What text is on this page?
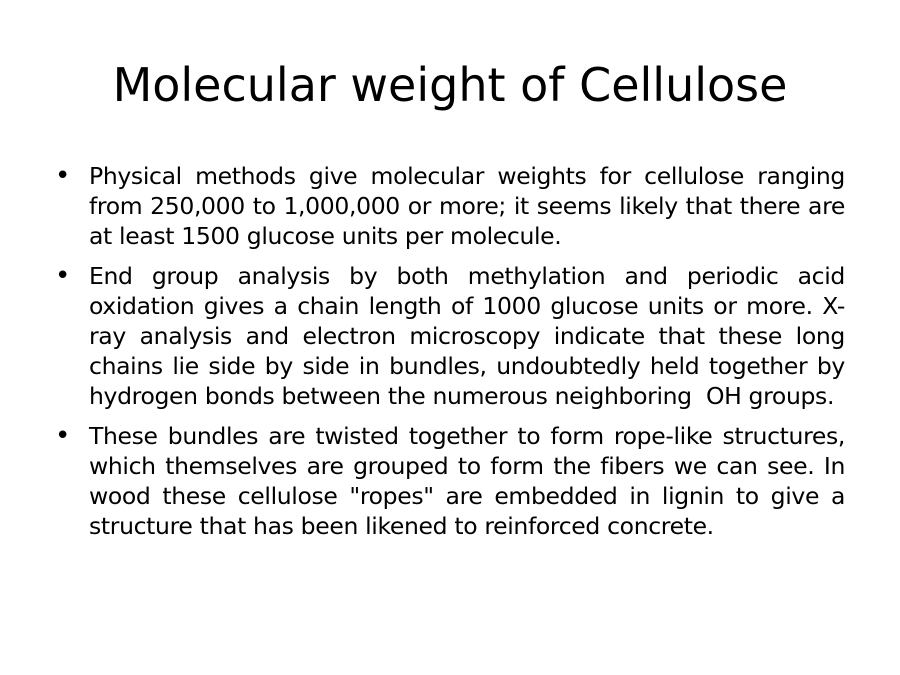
Molecular weight of Cellulose
• Physical methods give molecular weights for cellulose ranging from 250,000 to 1,000,000 or more; it seems likely that there are at least 1500 glucose units per molecule.
• End group analysis by both methylation and periodic acid oxidation gives a chain length of 1000 glucose units or more. X-ray analysis and electron microscopy indicate that these long chains lie side by side in bundles, undoubtedly held together by hydrogen bonds between the numerous neighboring  OH groups.
• These bundles are twisted together to form rope-like structures, which themselves are grouped to form the fibers we can see. In wood these cellulose "ropes" are embedded in lignin to give a structure that has been likened to reinforced concrete.
